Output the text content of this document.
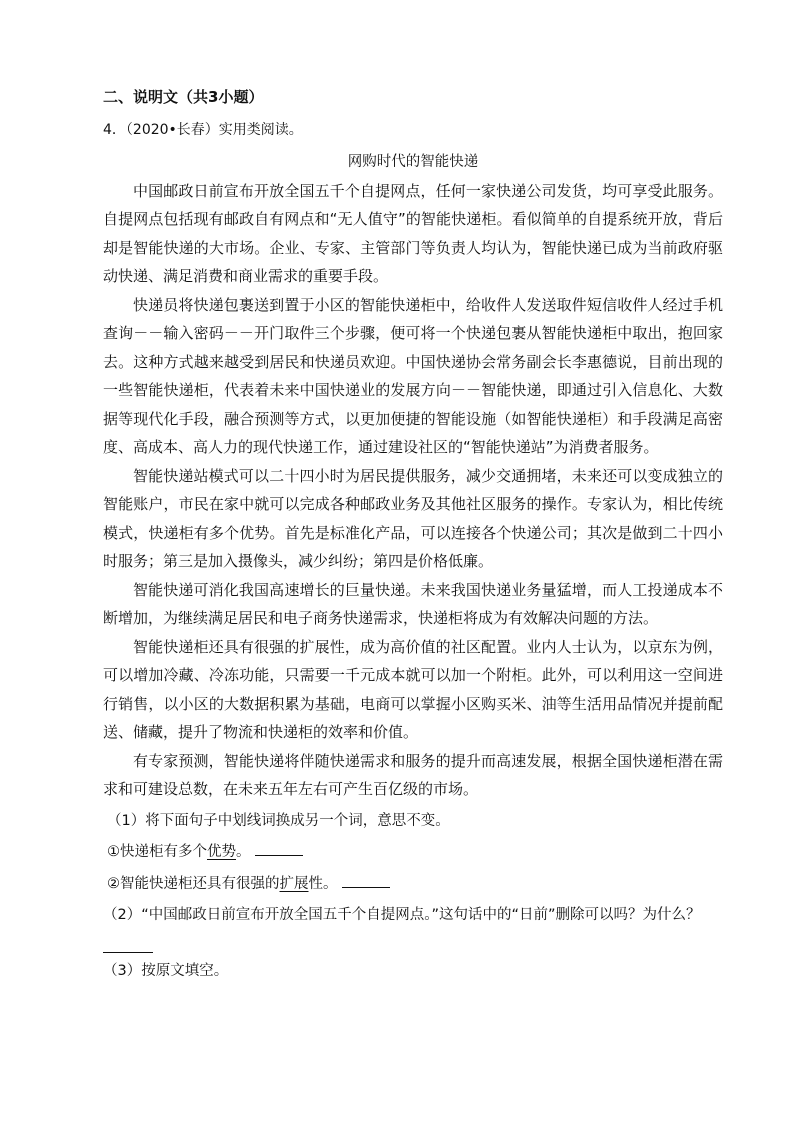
二、说明文（共3小题）

4．（2020•长春）实用类阅读。

网购时代的智能快递

中国邮政日前宣布开放全国五千个自提网点，任何一家快递公司发货，均可享受此服务。自提网点包括现有邮政自有网点和“无人值守”的智能快递柜。看似简单的自提系统开放，背后却是智能快递的大市场。企业、专家、主管部门等负责人均认为，智能快递已成为当前政府驱动快递、满足消费和商业需求的重要手段。

快递员将快递包裹送到置于小区的智能快递柜中，给收件人发送取件短信收件人经过手机查询－－输入密码－－开门取件三个步骤，便可将一个快递包裹从智能快递柜中取出，抱回家去。这种方式越来越受到居民和快递员欢迎。中国快递协会常务副会长李惠德说，目前出现的一些智能快递柜，代表着未来中国快递业的发展方向－－智能快递，即通过引入信息化、大数据等现代化手段，融合预测等方式，以更加便捷的智能设施（如智能快递柜）和手段满足高密度、高成本、高人力的现代快递工作，通过建设社区的“智能快递站”为消费者服务。

智能快递站模式可以二十四小时为居民提供服务，减少交通拥堵，未来还可以变成独立的智能账户，市民在家中就可以完成各种邮政业务及其他社区服务的操作。专家认为，相比传统模式，快递柜有多个优势。首先是标准化产品，可以连接各个快递公司；其次是做到二十四小时服务；第三是加入摄像头，减少纠纷；第四是价格低廉。

智能快递可消化我国高速增长的巨量快递。未来我国快递业务量猛增，而人工投递成本不断增加，为继续满足居民和电子商务快递需求，快递柜将成为有效解决问题的方法。

智能快递柜还具有很强的扩展性，成为高价值的社区配置。业内人士认为，以京东为例，可以增加冷藏、冷冻功能，只需要一千元成本就可以加一个附柜。此外，可以利用这一空间进行销售，以小区的大数据积累为基础，电商可以掌握小区购买米、油等生活用品情况并提前配送、储藏，提升了物流和快递柜的效率和价值。

有专家预测，智能快递将伴随快递需求和服务的提升而高速发展，根据全国快递柜潜在需求和可建设总数，在未来五年左右可产生百亿级的市场。

（1）将下面句子中划线词换成另一个词，意思不变。

①快递柜有多个优势。

②智能快递柜还具有很强的扩展性。

（2）“中国邮政日前宣布开放全国五千个自提网点。”这句话中的“日前”删除可以吗？为什么？

（3）按原文填空。
